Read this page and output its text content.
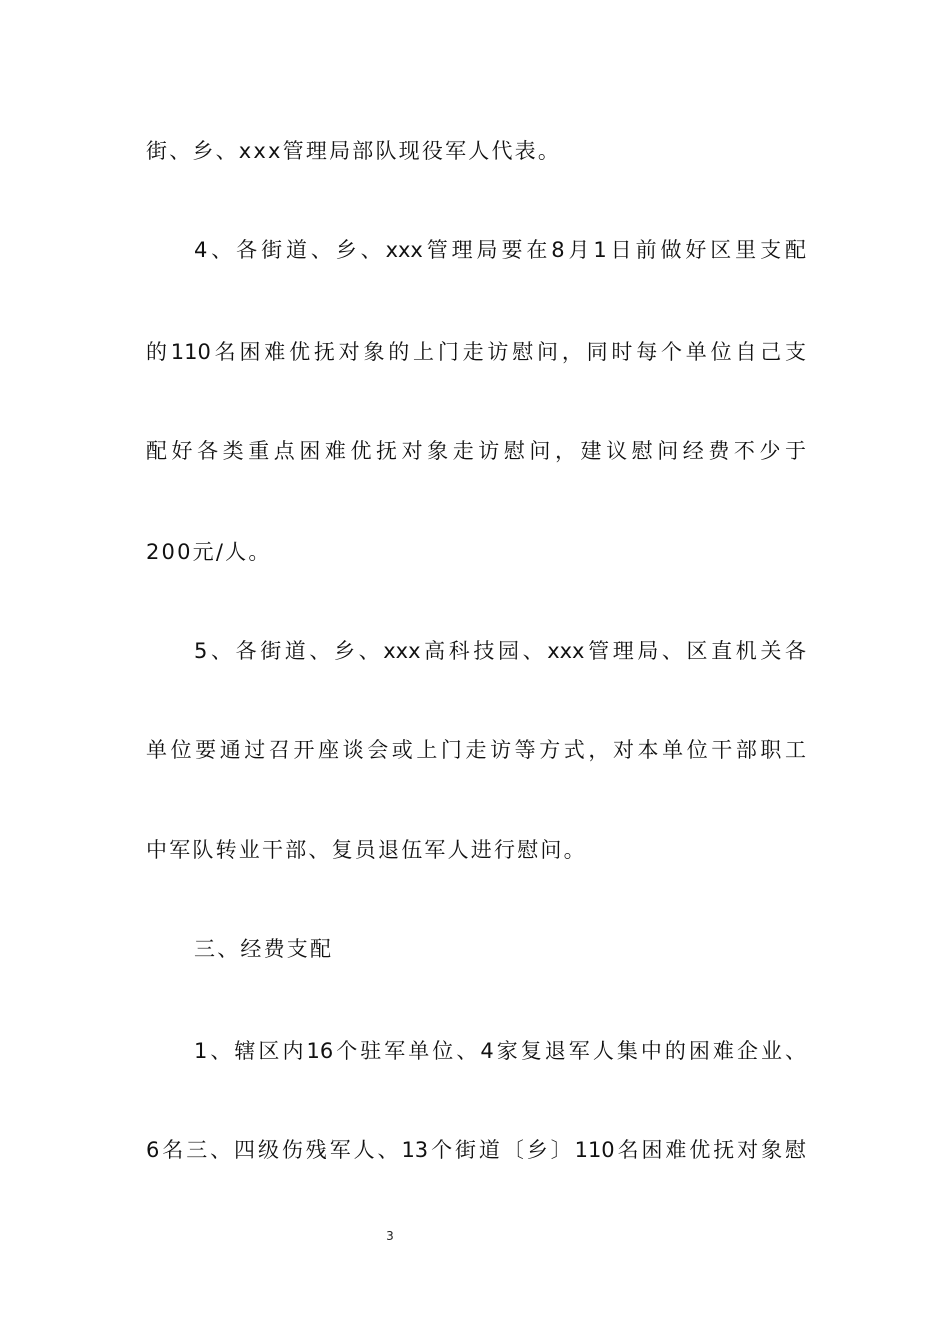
街、乡、xxx管理局部队现役军人代表。
4、各街道、乡、xxx管理局要在8月1日前做好区里支配
的110名困难优抚对象的上门走访慰问，同时每个单位自己支
配好各类重点困难优抚对象走访慰问，建议慰问经费不少于
200元/人。
5、各街道、乡、xxx高科技园、xxx管理局、区直机关各
单位要通过召开座谈会或上门走访等方式，对本单位干部职工
中军队转业干部、复员退伍军人进行慰问。
三、经费支配
1、辖区内16个驻军单位、4家复退军人集中的困难企业、
6名三、四级伤残军人、13个街道〔乡〕110名困难优抚对象慰
3
